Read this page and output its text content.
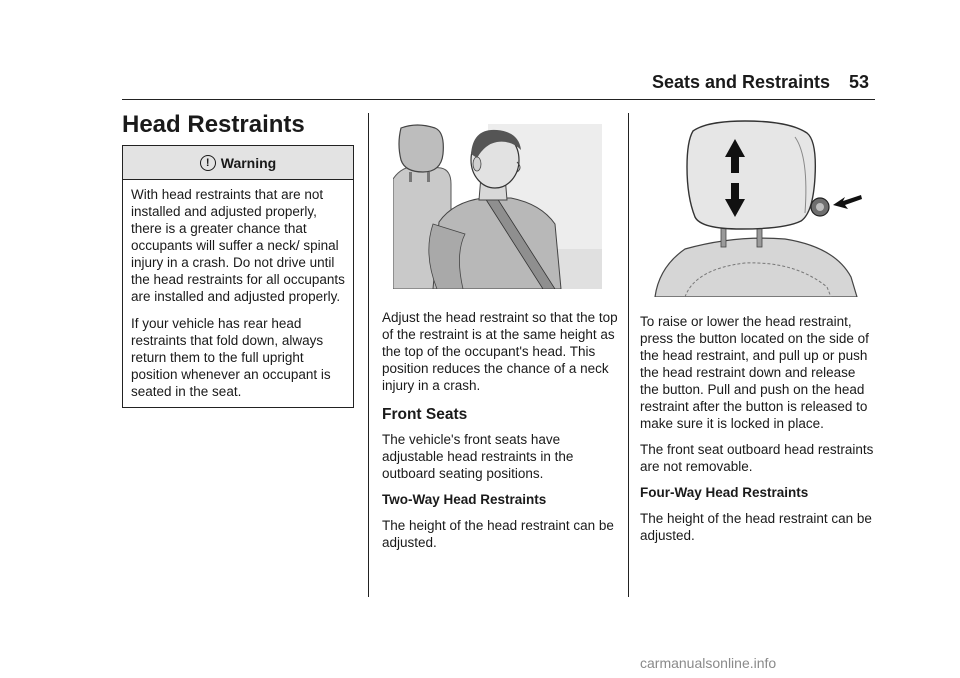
Seats and Restraints 53
Head Restraints
! Warning

With head restraints that are not installed and adjusted properly, there is a greater chance that occupants will suffer a neck/ spinal injury in a crash. Do not drive until the head restraints for all occupants are installed and adjusted properly.

If your vehicle has rear head restraints that fold down, always return them to the full upright position whenever an occupant is seated in the seat.

Adjust the head restraint so that the top of the restraint is at the same height as the top of the occupant's head. This position reduces the chance of a neck injury in a crash.

Front Seats

The vehicle's front seats have adjustable head restraints in the outboard seating positions.

Two-Way Head Restraints

The height of the head restraint can be adjusted.

To raise or lower the head restraint, press the button located on the side of the head restraint, and pull up or push the head restraint down and release the button. Pull and push on the head restraint after the button is released to make sure it is locked in place.

The front seat outboard head restraints are not removable.

Four-Way Head Restraints

The height of the head restraint can be adjusted.

carmanualsonline.info
